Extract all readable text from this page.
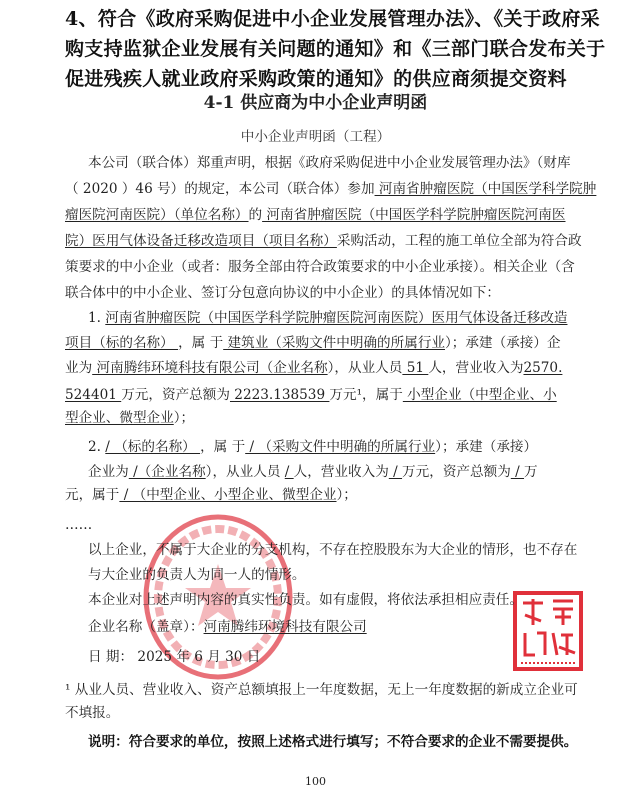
4、符合《政府采购促进中小企业发展管理办法》、《关于政府采
购支持监狱企业发展有关问题的通知》和《三部门联合发布关于
促进残疾人就业政府采购政策的通知》的供应商须提交资料
4-1 供应商为中小企业声明函
中小企业声明函（工程）
本公司（联合体）郑重声明，根据《政府采购促进中小企业发展管理办法》（财库
（ 2020 ）46 号）的规定，本公司（联合体）参加 河南省肿瘤医院（中国医学科学院肿
瘤医院河南医院）（单位名称）的 河南省肿瘤医院（中国医学科学院肿瘤医院河南医
院）医用气体设备迁移改造项目（项目名称）采购活动，工程的施工单位全部为符合政
策要求的中小企业（或者：服务全部由符合政策要求的中小企业承接）。相关企业（含
联合体中的中小企业、签订分包意向协议的中小企业）的具体情况如下：
1. 河南省肿瘤医院（中国医学科学院肿瘤医院河南医院）医用气体设备迁移改造
项目（标的名称） ，属 于 建筑业（采购文件中明确的所属行业）；承建（承接）企
业为 河南腾纬环境科技有限公司（企业名称），从业人员 51 人，营业收入为2570.
524401 万元，资产总额为 2223.138539 万元¹，属于 小型企业（中型企业、小
型企业、微型企业）；
2. / （标的名称） ，属 于 / （采购文件中明确的所属行业）；承建（承接）
企业为 /（企业名称），从业人员 / 人，营业收入为 / 万元，资产总额为 / 万
元，属于 / （中型企业、小型企业、微型企业）；
……
以上企业，不属于大企业的分支机构，不存在控股股东为大企业的情形，也不存在
与大企业的负责人为同一人的情形。
本企业对上述声明内容的真实性负责。如有虚假，将依法承担相应责任。
企业名称（盖章）：河南腾纬环境科技有限公司
日 期： 2025 年 6 月 30 日
¹ 从业人员、营业收入、资产总额填报上一年度数据，无上一年度数据的新成立企业可
不填报。
说明：符合要求的单位，按照上述格式进行填写；不符合要求的企业不需要提供。
100
